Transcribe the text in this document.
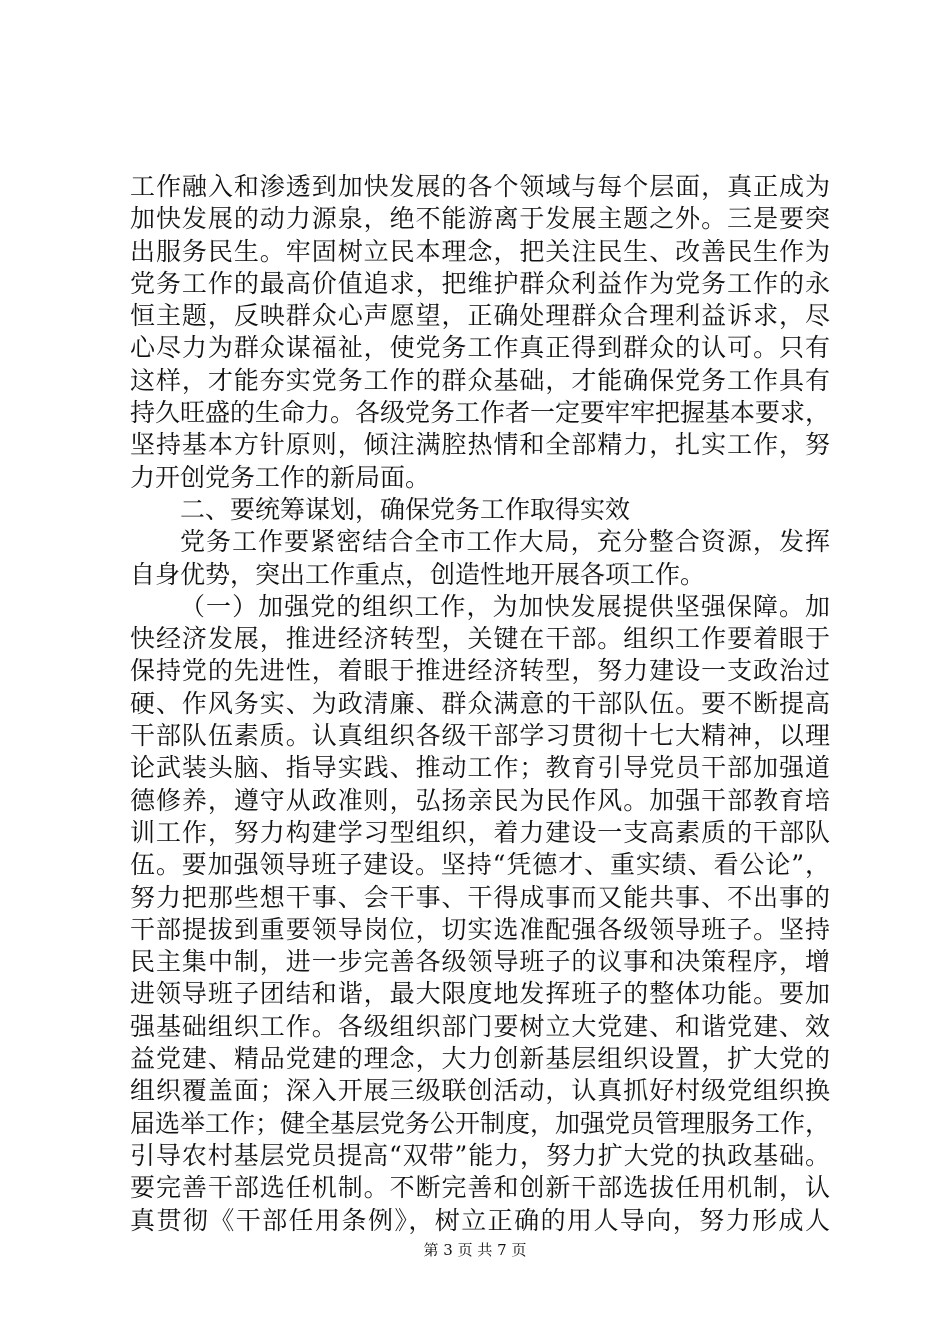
工作融入和渗透到加快发展的各个领域与每个层面，真正成为
加快发展的动力源泉，绝不能游离于发展主题之外。三是要突
出服务民生。牢固树立民本理念，把关注民生、改善民生作为
党务工作的最高价值追求，把维护群众利益作为党务工作的永
恒主题，反映群众心声愿望，正确处理群众合理利益诉求，尽
心尽力为群众谋福祉，使党务工作真正得到群众的认可。只有
这样，才能夯实党务工作的群众基础，才能确保党务工作具有
持久旺盛的生命力。各级党务工作者一定要牢牢把握基本要求，
坚持基本方针原则，倾注满腔热情和全部精力，扎实工作，努
力开创党务工作的新局面。
二、要统筹谋划，确保党务工作取得实效
党务工作要紧密结合全市工作大局，充分整合资源，发挥
自身优势，突出工作重点，创造性地开展各项工作。
（一）加强党的组织工作，为加快发展提供坚强保障。加
快经济发展，推进经济转型，关键在干部。组织工作要着眼于
保持党的先进性，着眼于推进经济转型，努力建设一支政治过
硬、作风务实、为政清廉、群众满意的干部队伍。要不断提高
干部队伍素质。认真组织各级干部学习贯彻十七大精神，以理
论武装头脑、指导实践、推动工作；教育引导党员干部加强道
德修养，遵守从政准则，弘扬亲民为民作风。加强干部教育培
训工作，努力构建学习型组织，着力建设一支高素质的干部队
伍。要加强领导班子建设。坚持“凭德才、重实绩、看公论”，
努力把那些想干事、会干事、干得成事而又能共事、不出事的
干部提拔到重要领导岗位，切实选准配强各级领导班子。坚持
民主集中制，进一步完善各级领导班子的议事和决策程序，增
进领导班子团结和谐，最大限度地发挥班子的整体功能。要加
强基础组织工作。各级组织部门要树立大党建、和谐党建、效
益党建、精品党建的理念，大力创新基层组织设置，扩大党的
组织覆盖面；深入开展三级联创活动，认真抓好村级党组织换
届选举工作；健全基层党务公开制度，加强党员管理服务工作，
引导农村基层党员提高“双带”能力，努力扩大党的执政基础。
要完善干部选任机制。不断完善和创新干部选拔任用机制，认
真贯彻《干部任用条例》，树立正确的用人导向，努力形成人
第 3 页 共 7 页
